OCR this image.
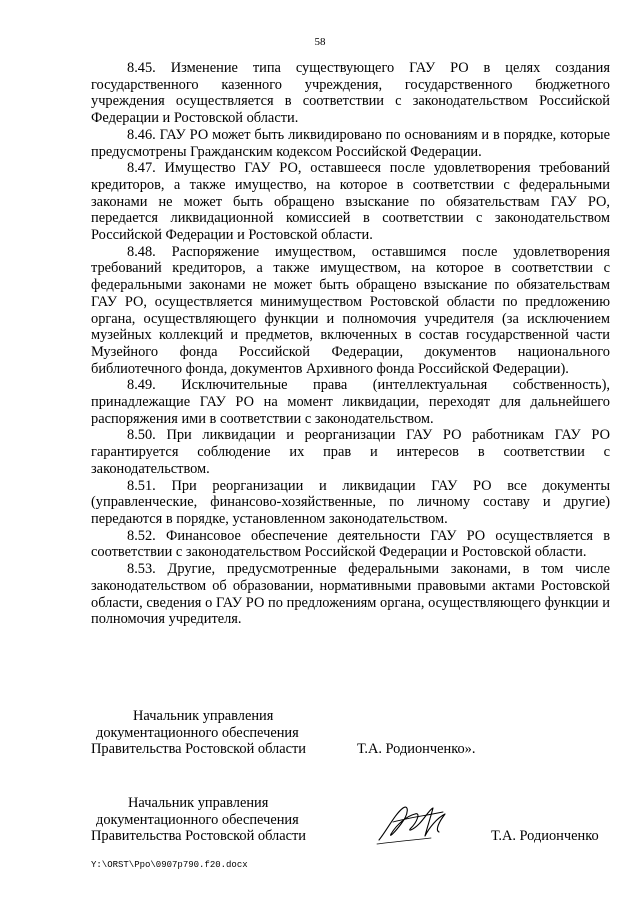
58

8.45. Изменение типа существующего ГАУ РО в целях создания государственного казенного учреждения, государственного бюджетного учреждения осуществляется в соответствии с законодательством Российской Федерации и Ростовской области.

8.46. ГАУ РО может быть ликвидировано по основаниям и в порядке, которые предусмотрены Гражданским кодексом Российской Федерации.

8.47. Имущество ГАУ РО, оставшееся после удовлетворения требований кредиторов, а также имущество, на которое в соответствии с федеральными законами не может быть обращено взыскание по обязательствам ГАУ РО, передается ликвидационной комиссией в соответствии с законодательством Российской Федерации и Ростовской области.

8.48. Распоряжение имуществом, оставшимся после удовлетворения требований кредиторов, а также имуществом, на которое в соответствии с федеральными законами не может быть обращено взыскание по обязательствам ГАУ РО, осуществляется минимуществом Ростовской области по предложению органа, осуществляющего функции и полномочия учредителя (за исключением музейных коллекций и предметов, включенных в состав государственной части Музейного фонда Российской Федерации, документов национального библиотечного фонда, документов Архивного фонда Российской Федерации).

8.49. Исключительные права (интеллектуальная собственность), принадлежащие ГАУ РО на момент ликвидации, переходят для дальнейшего распоряжения ими в соответствии с законодательством.

8.50. При ликвидации и реорганизации ГАУ РО работникам ГАУ РО гарантируется соблюдение их прав и интересов в соответствии с законодательством.

8.51. При реорганизации и ликвидации ГАУ РО все документы (управленческие, финансово-хозяйственные, по личному составу и другие) передаются в порядке, установленном законодательством.

8.52. Финансовое обеспечение деятельности ГАУ РО осуществляется в соответствии с законодательством Российской Федерации и Ростовской области.

8.53. Другие, предусмотренные федеральными законами, в том числе законодательством об образовании, нормативными правовыми актами Ростовской области, сведения о ГАУ РО по предложениям органа, осуществляющего функции и полномочия учредителя.

Начальник управления
документационного обеспечения
Правительства Ростовской области	Т.А. Родионченко».
Начальник управления
документационного обеспечения
Правительства Ростовской области	Т.А. Родионченко
Y:\ORST\Ppo\0907p790.f20.docx
